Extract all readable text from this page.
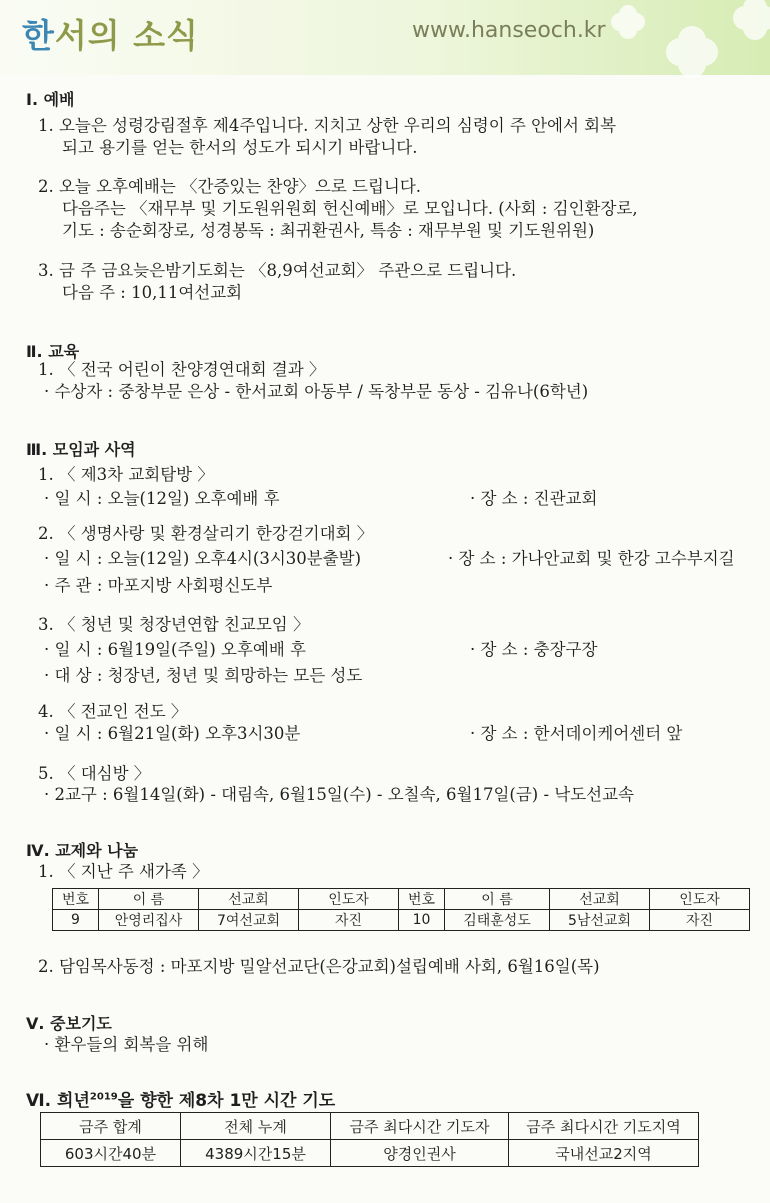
한서의 소식	www.hanseoch.kr
Ⅰ. 예배
1. 오늘은 성령강림절후 제4주입니다. 지치고 상한 우리의 심령이 주 안에서 회복
되고 용기를 얻는 한서의 성도가 되시기 바랍니다.
2. 오늘 오후예배는 〈간증있는 찬양〉으로 드립니다.
다음주는 〈재무부 및 기도원위원회 헌신예배〉로 모입니다. (사회 : 김인환장로,
기도 : 송순회장로, 성경봉독 : 최귀환권사, 특송 : 재무부원 및 기도원위원)
3. 금 주 금요늦은밤기도회는 〈8,9여선교회〉 주관으로 드립니다.
다음 주 : 10,11여선교회
Ⅱ. 교육
1. 〈 전국 어린이 찬양경연대회 결과 〉
· 수상자 : 중창부문 은상 - 한서교회 아동부 / 독창부문 동상 - 김유나(6학년)
Ⅲ. 모임과 사역
1. 〈 제3차 교회탐방 〉
· 일 시 : 오늘(12일) 오후예배 후	· 장 소 : 진관교회
2. 〈 생명사랑 및 환경살리기 한강걷기대회 〉
· 일 시 : 오늘(12일) 오후4시(3시30분출발)	· 장 소 : 가나안교회 및 한강 고수부지길
· 주 관 : 마포지방 사회평신도부
3. 〈 청년 및 청장년연합 친교모임 〉
· 일 시 : 6월19일(주일) 오후예배 후	· 장 소 : 충장구장
· 대 상 : 청장년, 청년 및 희망하는 모든 성도
4. 〈 전교인 전도 〉
· 일 시 : 6월21일(화) 오후3시30분	· 장 소 : 한서데이케어센터 앞
5. 〈 대심방 〉
· 2교구 : 6월14일(화) - 대림속, 6월15일(수) - 오칠속, 6월17일(금) - 낙도선교속
Ⅳ. 교제와 나눔
1. 〈 지난 주 새가족 〉
번호	이 름	선교회	인도자	번호	이 름	선교회	인도자
9	안영리집사	7여선교회	자진	10	김태훈성도	5남선교회	자진
2. 담임목사동정 : 마포지방 밀알선교단(은강교회)설립예배 사회, 6월16일(목)
Ⅴ. 중보기도
· 환우들의 회복을 위해
Ⅵ. 희년$^{2019}$을 향한 제8차 1만 시간 기도
금주 합계	전체 누계	금주 최다시간 기도자	금주 최다시간 기도지역
603시간40분	4389시간15분	양경인권사	국내선교2지역
